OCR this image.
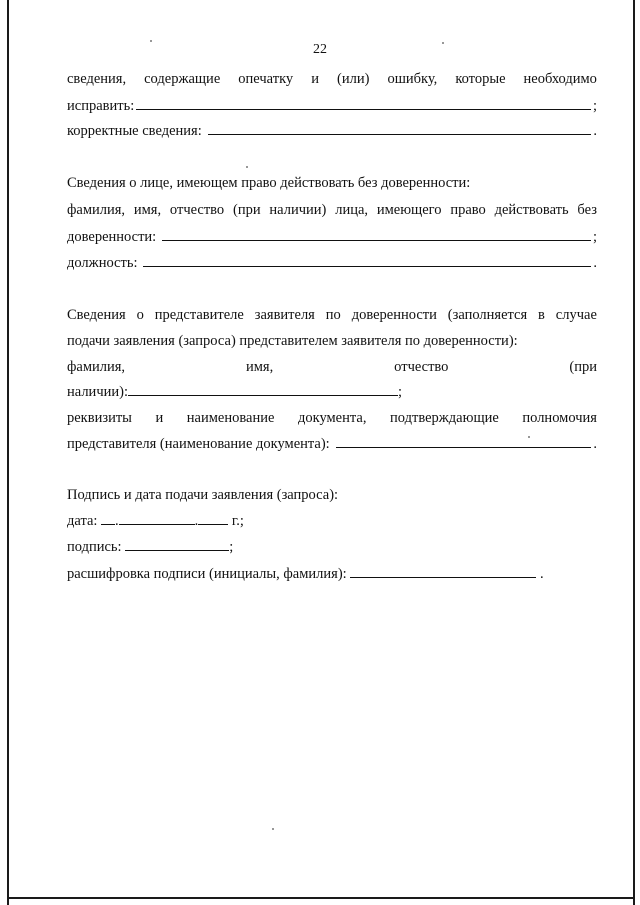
22
сведения, содержащие опечатку и (или) ошибку, которые необходимо
исправить:	;
корректные сведения:	.
Сведения о лице, имеющем право действовать без доверенности:
фамилия, имя, отчество (при наличии) лица, имеющего право действовать без
доверенности:	;
должность:	.
Сведения о представителе заявителя по доверенности (заполняется в случае
подачи заявления (запроса) представителем заявителя по доверенности):
фамилия,	имя,	отчество	(при
наличии):	;
реквизиты и наименование документа, подтверждающие полномочия
представителя (наименование документа):	.
Подпись и дата подачи заявления (запроса):
дата: .	. г.;
подпись:	;
расшифровка подписи (инициалы, фамилия):	.
